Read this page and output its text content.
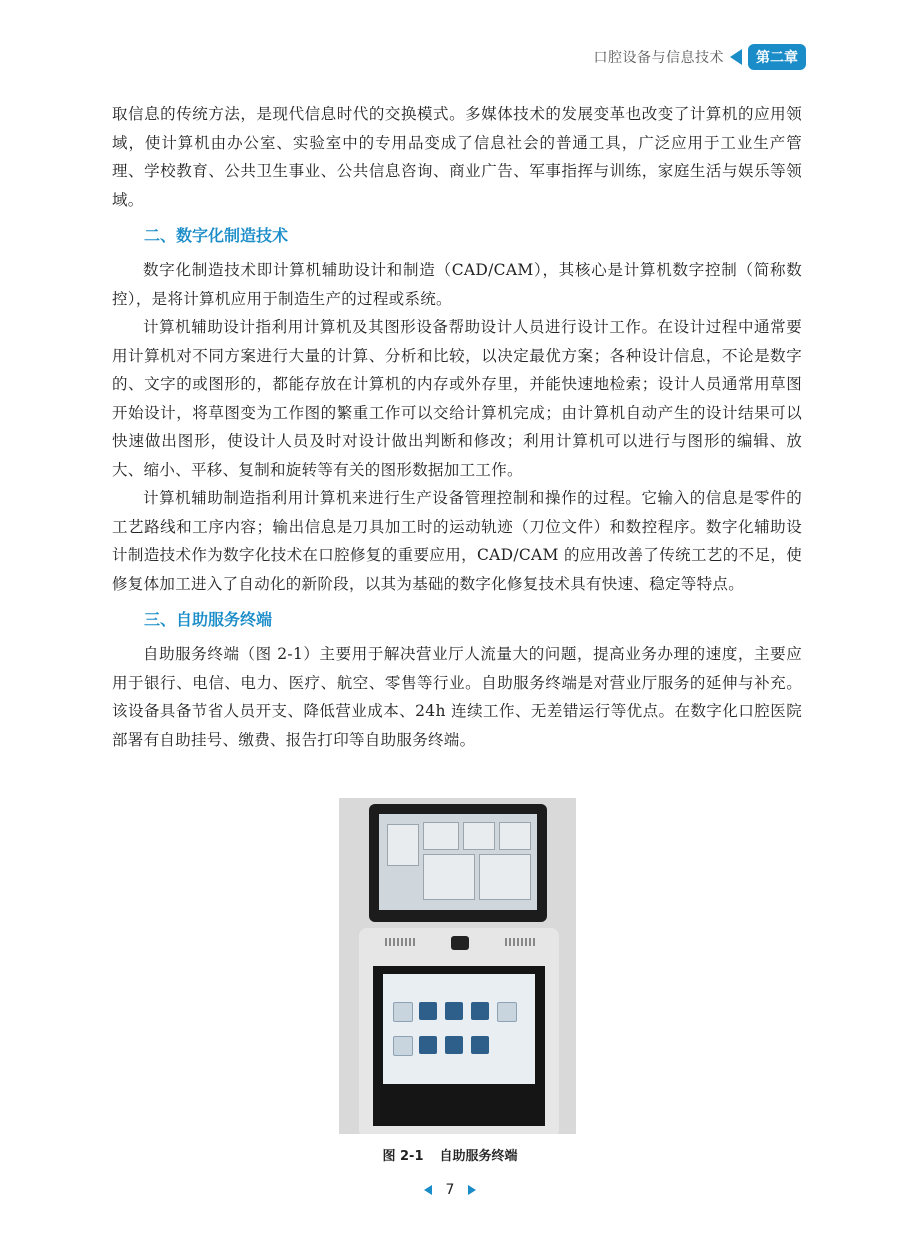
口腔设备与信息技术	第二章

取信息的传统方法，是现代信息时代的交换模式。多媒体技术的发展变革也改变了计算机的应用领域，使计算机由办公室、实验室中的专用品变成了信息社会的普通工具，广泛应用于工业生产管理、学校教育、公共卫生事业、公共信息咨询、商业广告、军事指挥与训练，家庭生活与娱乐等领域。

二、数字化制造技术

数字化制造技术即计算机辅助设计和制造（CAD/CAM），其核心是计算机数字控制（简称数控），是将计算机应用于制造生产的过程或系统。

计算机辅助设计指利用计算机及其图形设备帮助设计人员进行设计工作。在设计过程中通常要用计算机对不同方案进行大量的计算、分析和比较，以决定最优方案；各种设计信息，不论是数字的、文字的或图形的，都能存放在计算机的内存或外存里，并能快速地检索；设计人员通常用草图开始设计，将草图变为工作图的繁重工作可以交给计算机完成；由计算机自动产生的设计结果可以快速做出图形，使设计人员及时对设计做出判断和修改；利用计算机可以进行与图形的编辑、放大、缩小、平移、复制和旋转等有关的图形数据加工工作。

计算机辅助制造指利用计算机来进行生产设备管理控制和操作的过程。它输入的信息是零件的工艺路线和工序内容；输出信息是刀具加工时的运动轨迹（刀位文件）和数控程序。数字化辅助设计制造技术作为数字化技术在口腔修复的重要应用，CAD/CAM 的应用改善了传统工艺的不足，使修复体加工进入了自动化的新阶段，以其为基础的数字化修复技术具有快速、稳定等特点。

三、自助服务终端

自助服务终端（图 2-1）主要用于解决营业厅人流量大的问题，提高业务办理的速度，主要应用于银行、电信、电力、医疗、航空、零售等行业。自助服务终端是对营业厅服务的延伸与补充。该设备具备节省人员开支、降低营业成本、24h 连续工作、无差错运行等优点。在数字化口腔医院部署有自助挂号、缴费、报告打印等自助服务终端。

图 2-1 自助服务终端
7
